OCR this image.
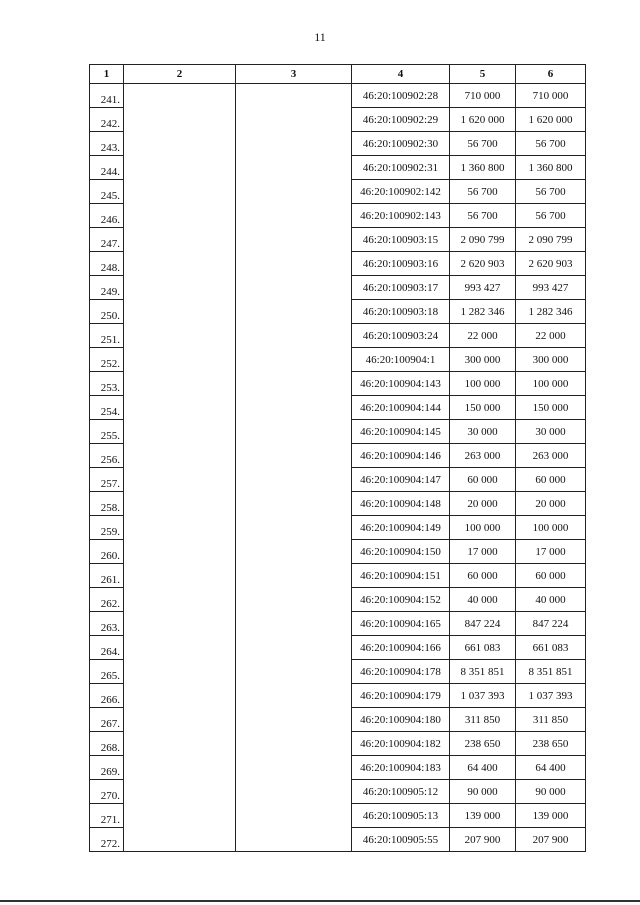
11
1	2	3	4	5	6
241.			46:20:100902:28	710 000	710 000
242.			46:20:100902:29	1 620 000	1 620 000
243.			46:20:100902:30	56 700	56 700
244.			46:20:100902:31	1 360 800	1 360 800
245.			46:20:100902:142	56 700	56 700
246.			46:20:100902:143	56 700	56 700
247.			46:20:100903:15	2 090 799	2 090 799
248.			46:20:100903:16	2 620 903	2 620 903
249.			46:20:100903:17	993 427	993 427
250.			46:20:100903:18	1 282 346	1 282 346
251.			46:20:100903:24	22 000	22 000
252.			46:20:100904:1	300 000	300 000
253.			46:20:100904:143	100 000	100 000
254.			46:20:100904:144	150 000	150 000
255.			46:20:100904:145	30 000	30 000
256.			46:20:100904:146	263 000	263 000
257.			46:20:100904:147	60 000	60 000
258.			46:20:100904:148	20 000	20 000
259.			46:20:100904:149	100 000	100 000
260.			46:20:100904:150	17 000	17 000
261.			46:20:100904:151	60 000	60 000
262.			46:20:100904:152	40 000	40 000
263.			46:20:100904:165	847 224	847 224
264.			46:20:100904:166	661 083	661 083
265.			46:20:100904:178	8 351 851	8 351 851
266.			46:20:100904:179	1 037 393	1 037 393
267.			46:20:100904:180	311 850	311 850
268.			46:20:100904:182	238 650	238 650
269.			46:20:100904:183	64 400	64 400
270.			46:20:100905:12	90 000	90 000
271.			46:20:100905:13	139 000	139 000
272.			46:20:100905:55	207 900	207 900
